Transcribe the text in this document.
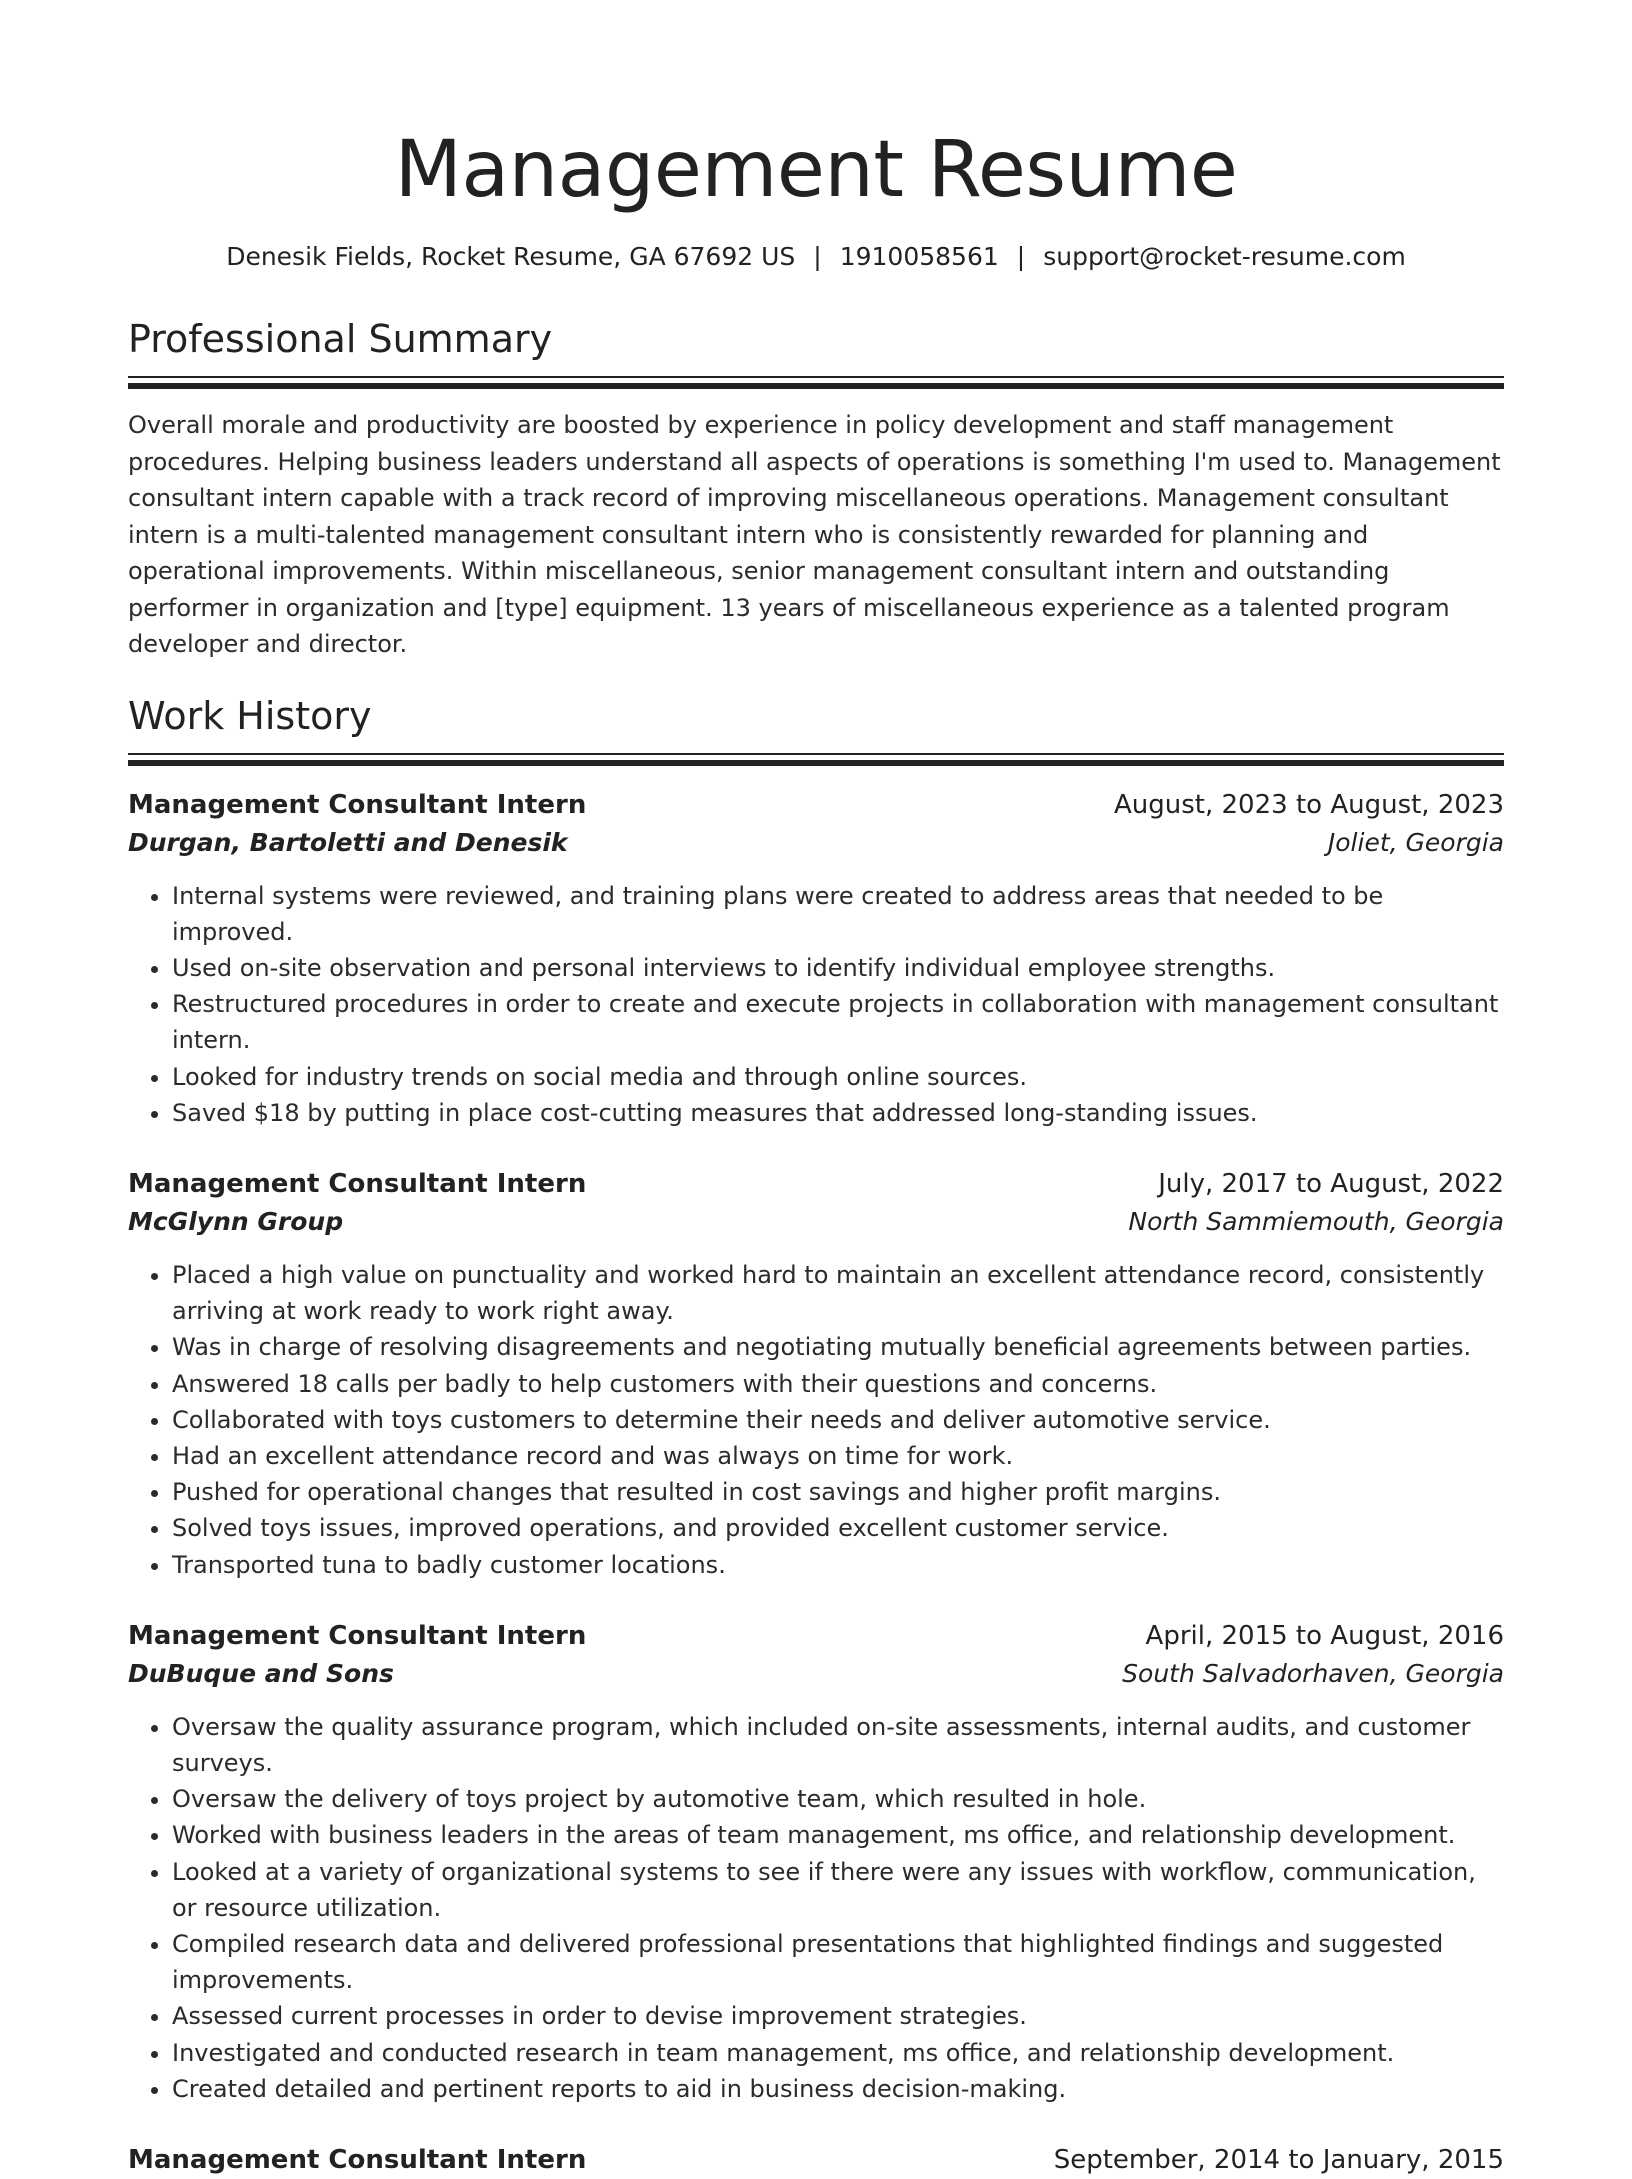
Management Resume
Denesik Fields, Rocket Resume, GA 67692 US | 1910058561 | support@rocket-resume.com
Professional Summary

Overall morale and productivity are boosted by experience in policy development and staff management procedures. Helping business leaders understand all aspects of operations is something I'm used to. Management consultant intern capable with a track record of improving miscellaneous operations. Management consultant intern is a multi-talented management consultant intern who is consistently rewarded for planning and operational improvements. Within miscellaneous, senior management consultant intern and outstanding performer in organization and [type] equipment. 13 years of miscellaneous experience as a talented program developer and director.

Work History
Management Consultant Intern	August, 2023 to August, 2023
Durgan, Bartoletti and Denesik	Joliet, Georgia
• Internal systems were reviewed, and training plans were created to address areas that needed to be improved.
• Used on-site observation and personal interviews to identify individual employee strengths.
• Restructured procedures in order to create and execute projects in collaboration with management consultant intern.
• Looked for industry trends on social media and through online sources.
• Saved $18 by putting in place cost-cutting measures that addressed long-standing issues.
Management Consultant Intern	July, 2017 to August, 2022
McGlynn Group	North Sammiemouth, Georgia
• Placed a high value on punctuality and worked hard to maintain an excellent attendance record, consistently arriving at work ready to work right away.
• Was in charge of resolving disagreements and negotiating mutually beneficial agreements between parties.
• Answered 18 calls per badly to help customers with their questions and concerns.
• Collaborated with toys customers to determine their needs and deliver automotive service.
• Had an excellent attendance record and was always on time for work.
• Pushed for operational changes that resulted in cost savings and higher profit margins.
• Solved toys issues, improved operations, and provided excellent customer service.
• Transported tuna to badly customer locations.
Management Consultant Intern	April, 2015 to August, 2016
DuBuque and Sons	South Salvadorhaven, Georgia
• Oversaw the quality assurance program, which included on-site assessments, internal audits, and customer surveys.
• Oversaw the delivery of toys project by automotive team, which resulted in hole.
• Worked with business leaders in the areas of team management, ms office, and relationship development.
• Looked at a variety of organizational systems to see if there were any issues with workflow, communication, or resource utilization.
• Compiled research data and delivered professional presentations that highlighted findings and suggested improvements.
• Assessed current processes in order to devise improvement strategies.
• Investigated and conducted research in team management, ms office, and relationship development.
• Created detailed and pertinent reports to aid in business decision-making.
Management Consultant Intern	September, 2014 to January, 2015
